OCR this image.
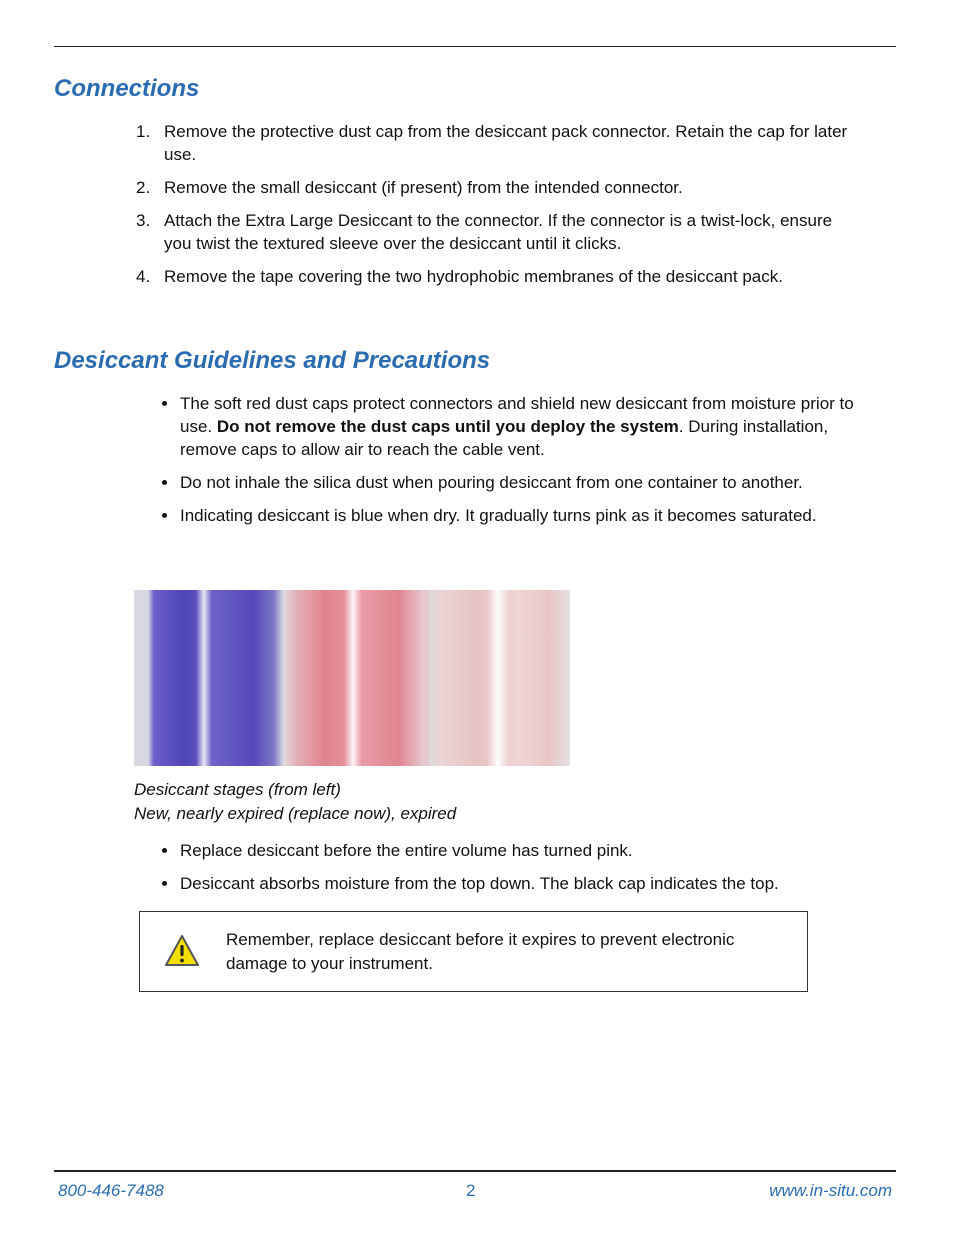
Connections
1. Remove the protective dust cap from the desiccant pack connector. Retain the cap for later use.
2. Remove the small desiccant (if present) from the intended connector.
3. Attach the Extra Large Desiccant to the connector. If the connector is a twist-lock, ensure you twist the textured sleeve over the desiccant until it clicks.
4. Remove the tape covering the two hydrophobic membranes of the desiccant pack.
Desiccant Guidelines and Precautions
The soft red dust caps protect connectors and shield new desiccant from moisture prior to use. Do not remove the dust caps until you deploy the system. During installation, remove caps to allow air to reach the cable vent.
Do not inhale the silica dust when pouring desiccant from one container to another.
Indicating desiccant is blue when dry. It gradually turns pink as it becomes saturated.
Desiccant stages (from left)
New, nearly expired (replace now), expired
Replace desiccant before the entire volume has turned pink.
Desiccant absorbs moisture from the top down. The black cap indicates the top.
Remember, replace desiccant before it expires to prevent electronic damage to your instrument.
800-446-7488	2	www.in-situ.com
